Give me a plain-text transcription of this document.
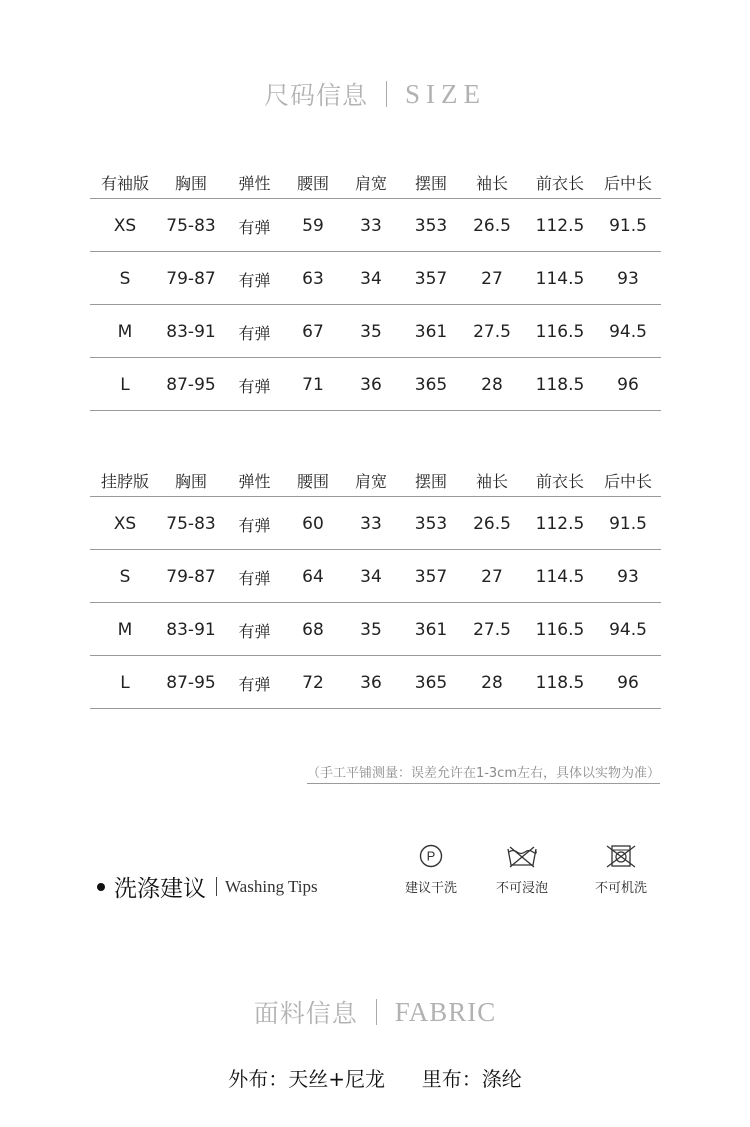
尺码信息 SIZE
有袖版	胸围	弹性	腰围	肩宽	摆围	袖长	前衣长	后中长
XS	75-83	有弹	59	33	353	26.5	112.5	91.5
S	79-87	有弹	63	34	357	27	114.5	93
M	83-91	有弹	67	35	361	27.5	116.5	94.5
L	87-95	有弹	71	36	365	28	118.5	96
挂脖版	胸围	弹性	腰围	肩宽	摆围	袖长	前衣长	后中长
XS	75-83	有弹	60	33	353	26.5	112.5	91.5
S	79-87	有弹	64	34	357	27	114.5	93
M	83-91	有弹	68	35	361	27.5	116.5	94.5
L	87-95	有弹	72	36	365	28	118.5	96
（手工平铺测量：误差允许在1-3cm左右，具体以实物为准）
洗涤建议 Washing Tips
P
建议干洗	不可浸泡	不可机洗
面料信息 FABRIC
外布：天丝+尼龙 里布：涤纶
